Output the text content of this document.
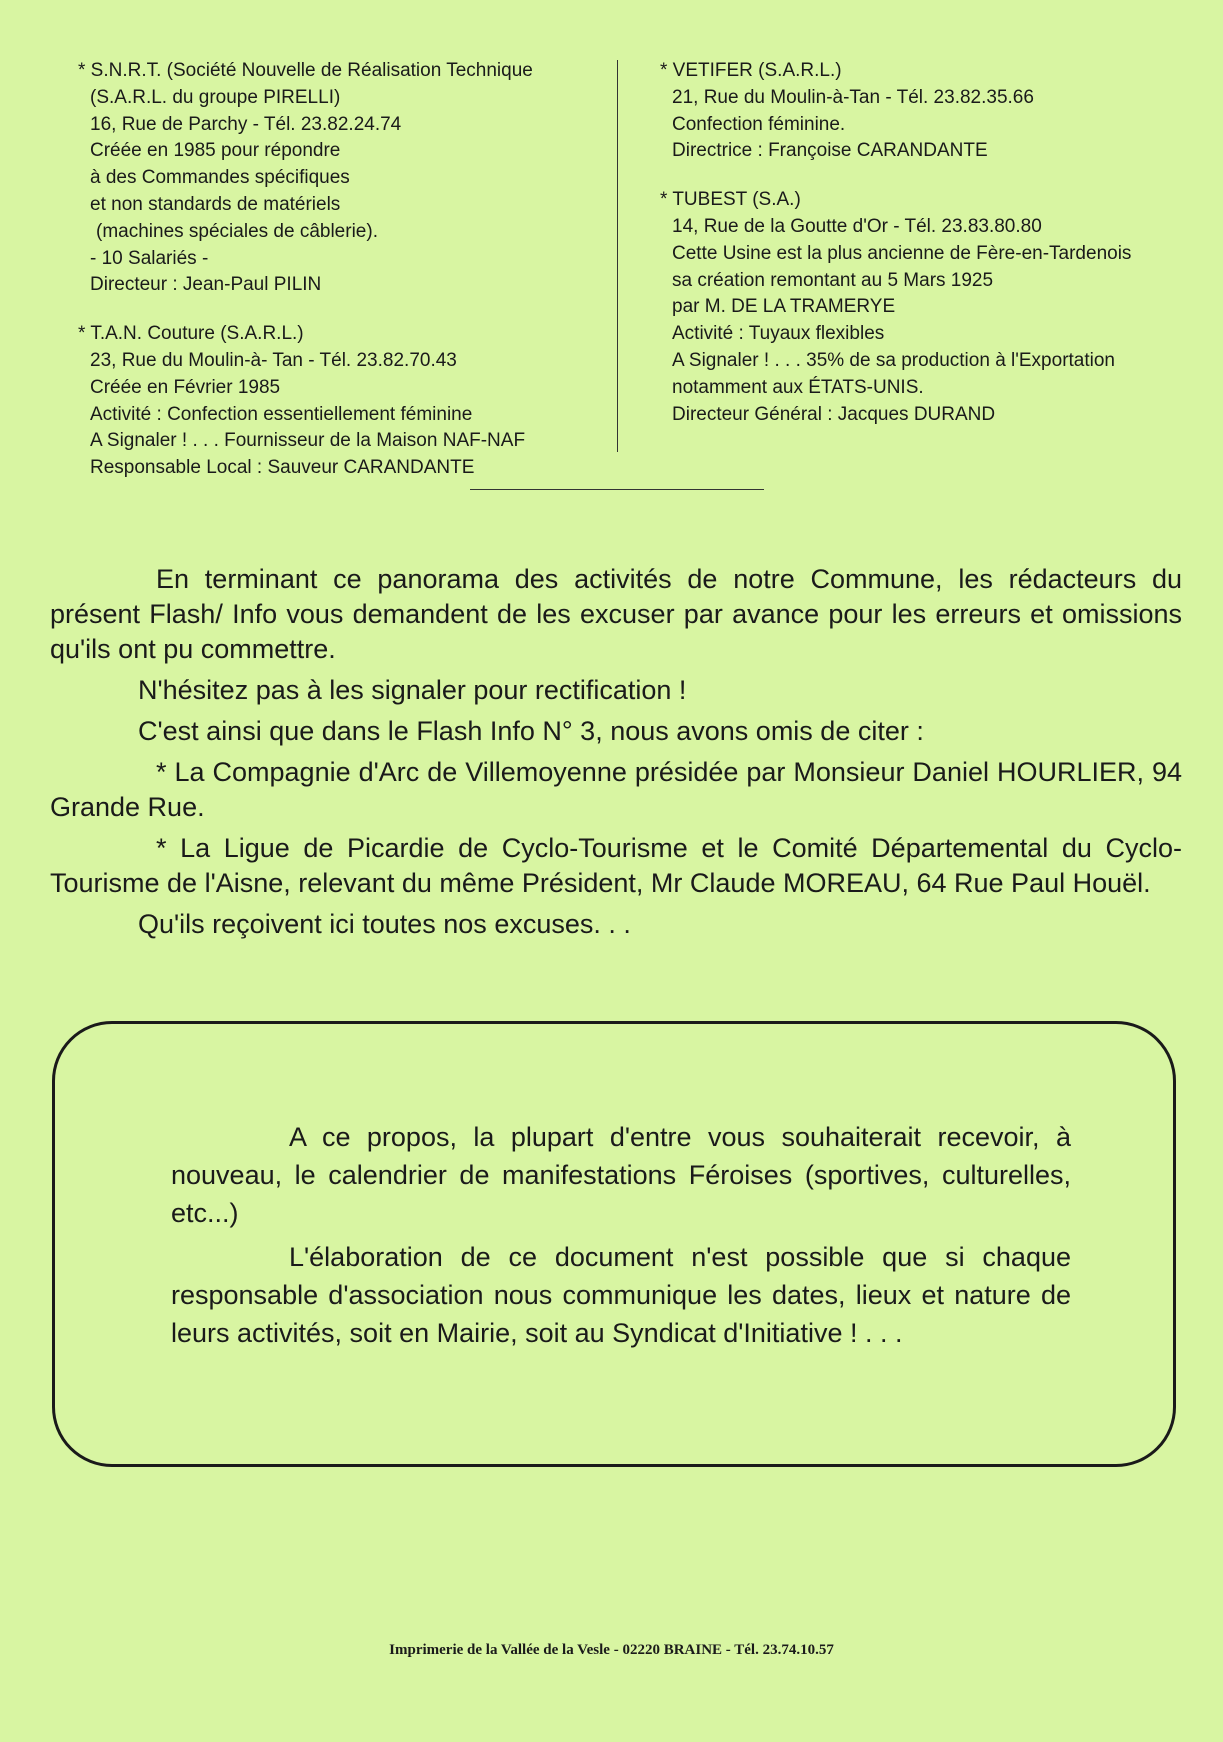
* S.N.R.T. (Société Nouvelle de Réalisation Technique
(S.A.R.L. du groupe PIRELLI)
16, Rue de Parchy - Tél. 23.82.24.74
Créée en 1985 pour répondre
à des Commandes spécifiques
et non standards de matériels
(machines spéciales de câblerie).
- 10 Salariés -
Directeur : Jean-Paul PILIN
* T.A.N. Couture (S.A.R.L.)
23, Rue du Moulin-à- Tan - Tél. 23.82.70.43
Créée en Février 1985
Activité : Confection essentiellement féminine
A Signaler ! . . . Fournisseur de la Maison NAF-NAF
Responsable Local : Sauveur CARANDANTE
* VETIFER (S.A.R.L.)
21, Rue du Moulin-à-Tan - Tél. 23.82.35.66
Confection féminine.
Directrice : Françoise CARANDANTE
* TUBEST (S.A.)
14, Rue de la Goutte d'Or - Tél. 23.83.80.80
Cette Usine est la plus ancienne de Fère-en-Tardenois
sa création remontant au 5 Mars 1925
par M. DE LA TRAMERYE
Activité : Tuyaux flexibles
A Signaler ! . . . 35% de sa production à l'Exportation
notamment aux ÉTATS-UNIS.
Directeur Général : Jacques DURAND

En terminant ce panorama des activités de notre Commune, les rédacteurs du présent Flash/ Info vous demandent de les excuser par avance pour les erreurs et omissions qu'ils ont pu commettre.

N'hésitez pas à les signaler pour rectification !

C'est ainsi que dans le Flash Info N° 3, nous avons omis de citer :

* La Compagnie d'Arc de Villemoyenne présidée par Monsieur Daniel HOURLIER, 94 Grande Rue.

* La Ligue de Picardie de Cyclo-Tourisme et le Comité Départemental du Cyclo-Tourisme de l'Aisne, relevant du même Président, Mr Claude MOREAU, 64 Rue Paul Houël.

Qu'ils reçoivent ici toutes nos excuses. . .

A ce propos, la plupart d'entre vous souhaiterait recevoir, à nouveau, le calendrier de manifestations Féroises (sportives, culturelles, etc...)

L'élaboration de ce document n'est possible que si chaque responsable d'association nous communique les dates, lieux et nature de leurs activités, soit en Mairie, soit au Syndicat d'Initiative ! . . .

Imprimerie de la Vallée de la Vesle - 02220 BRAINE - Tél. 23.74.10.57
